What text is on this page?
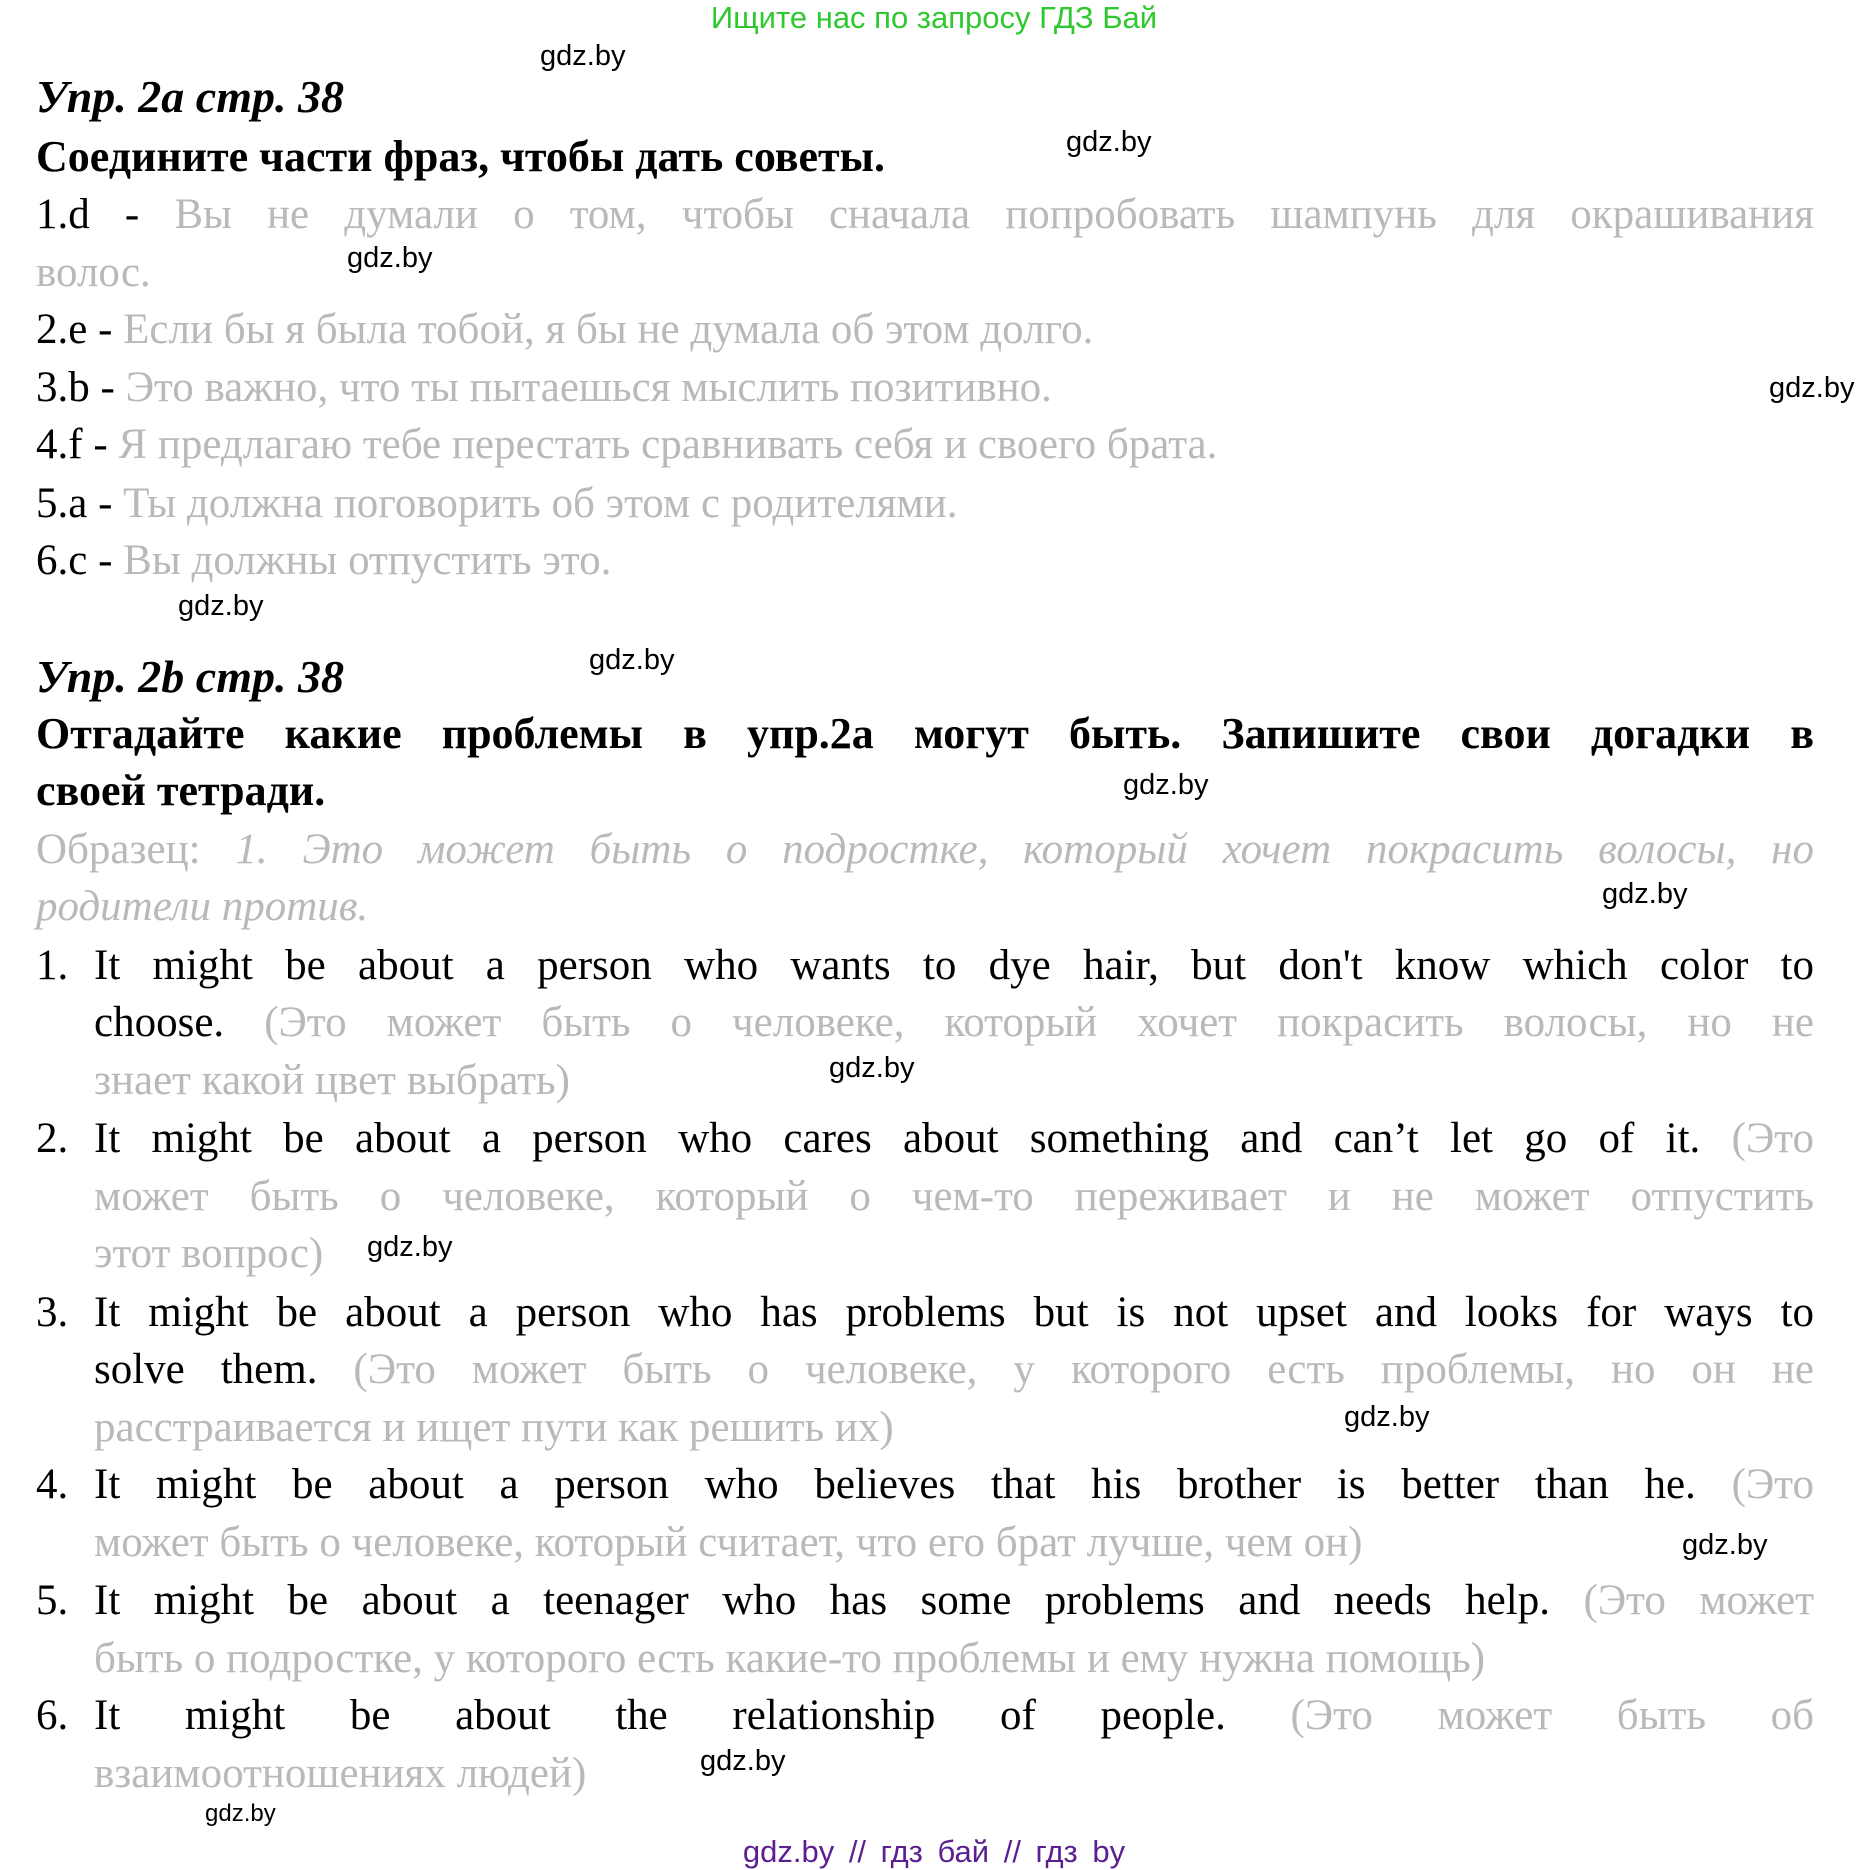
Ищите нас по запросу ГДЗ Бай
Упр. 2а стр. 38
Соедините части фраз, чтобы дать советы.
1.d - Вы не думали о том, чтобы сначала попробовать шампунь для окрашивания
волос.
2.e - Если бы я была тобой, я бы не думала об этом долго.
3.b - Это важно, что ты пытаешься мыслить позитивно.
4.f - Я предлагаю тебе перестать сравнивать себя и своего брата.
5.a - Ты должна поговорить об этом с родителями.
6.c - Вы должны отпустить это.
Упр. 2b стр. 38
Отгадайте какие проблемы в упр.2а могут быть. Запишите свои догадки в
своей тетради.
Образец: 1. Это может быть о подростке, который хочет покрасить волосы, но
родители против.
1. It might be about a person who wants to dye hair, but don't know which color to
choose. (Это может быть о человеке, который хочет покрасить волосы, но не
знает какой цвет выбрать)
2. It might be about a person who cares about something and can’t let go of it. (Это
может быть о человеке, который о чем-то переживает и не может отпустить
этот вопрос)
3. It might be about a person who has problems but is not upset and looks for ways to
solve them. (Это может быть о человеке, у которого есть проблемы, но он не
расстраивается и ищет пути как решить их)
4. It might be about a person who believes that his brother is better than he. (Это
может быть о человеке, который считает, что его брат лучше, чем он)
5. It might be about a teenager who has some problems and needs help. (Это может
быть о подростке, у которого есть какие-то проблемы и ему нужна помощь)
6. It might be about the relationship of people. (Это может быть об
взаимоотношениях людей)
gdz.by
gdz.by
gdz.by
gdz.by
gdz.by
gdz.by
gdz.by
gdz.by
gdz.by
gdz.by
gdz.by
gdz.by
gdz.by
gdz.by
gdz.by // гдз бай // гдз by
